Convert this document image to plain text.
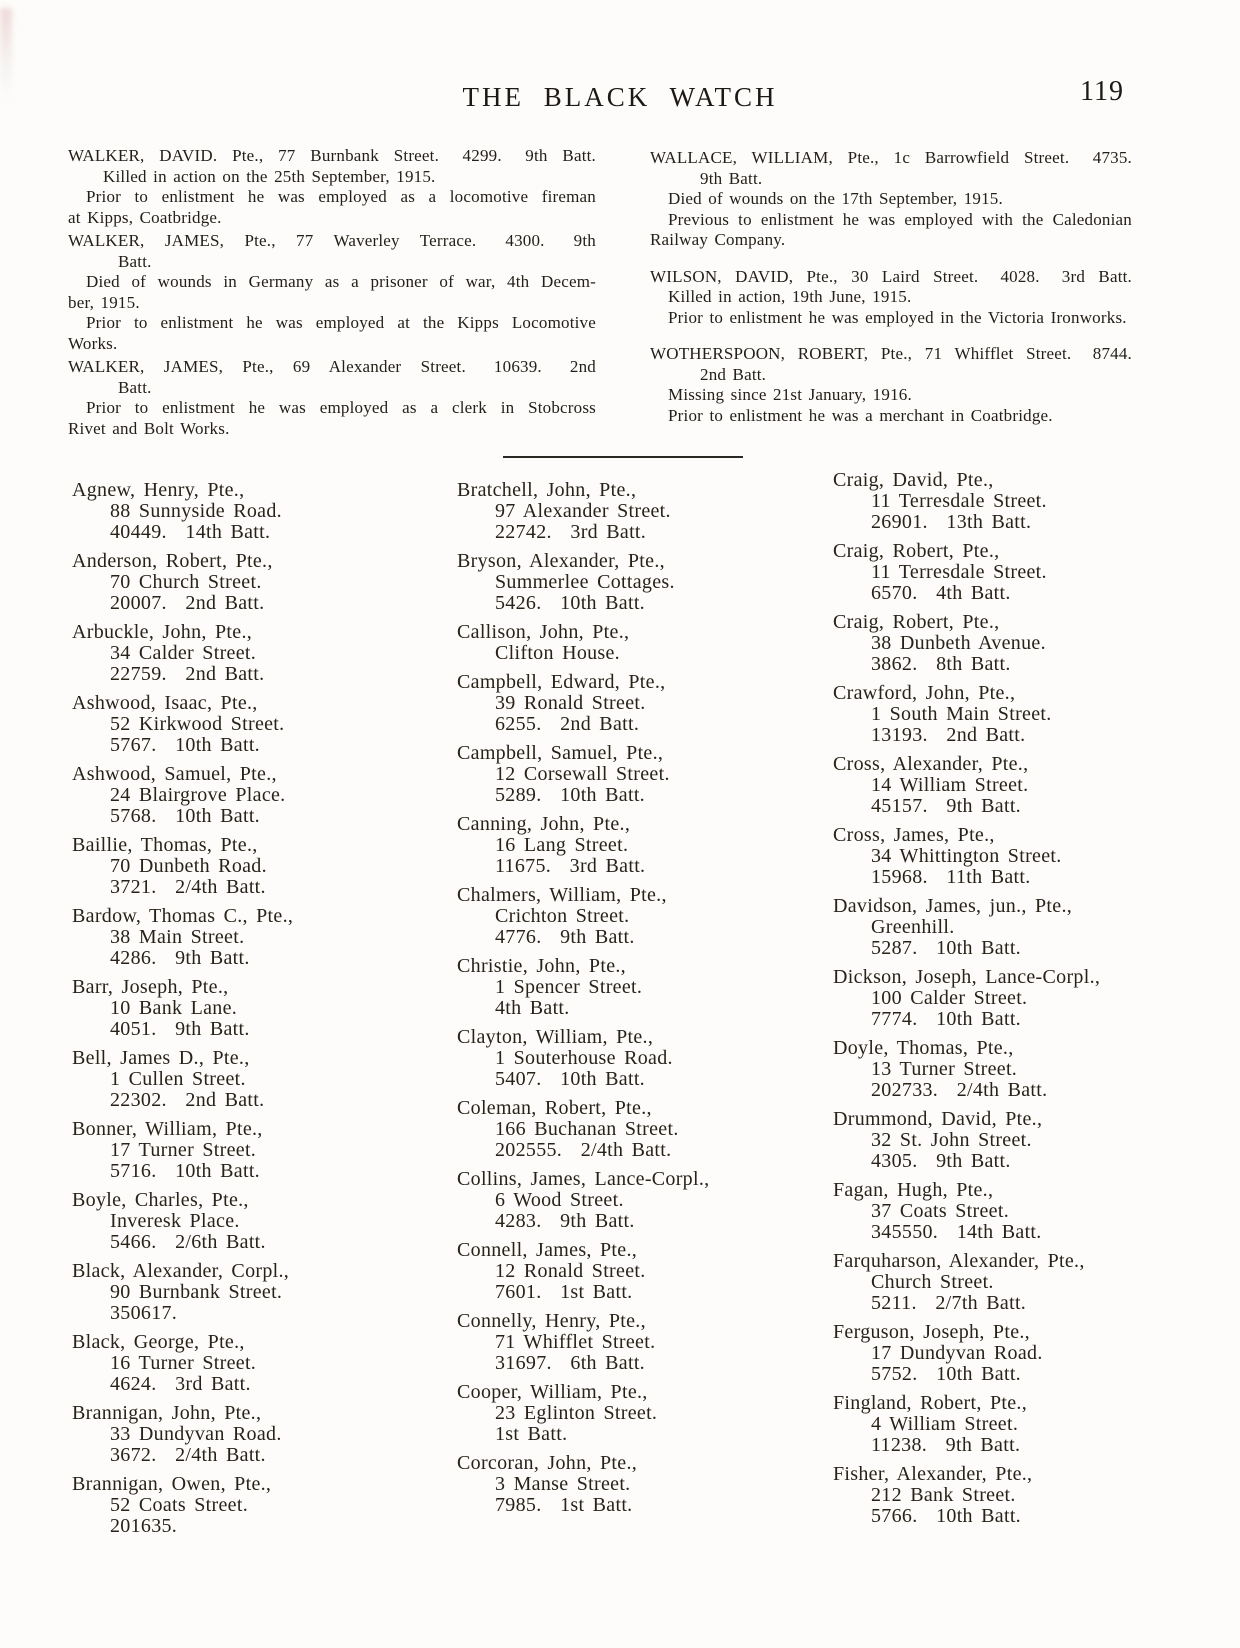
THE BLACK WATCH	119
WALKER, DAVID. Pte., 77 Burnbank Street.  4299.  9th Batt.
Killed in action on the 25th September, 1915.
Prior to enlistment he was employed as a locomotive fireman
at Kipps, Coatbridge.
WALKER, JAMES, Pte., 77 Waverley Terrace.  4300.  9th
Batt.
Died of wounds in Germany as a prisoner of war, 4th Decem-
ber, 1915.
Prior to enlistment he was employed at the Kipps Locomotive
Works.
WALKER, JAMES, Pte., 69 Alexander Street.  10639.  2nd
Batt.
Prior to enlistment he was employed as a clerk in Stobcross
Rivet and Bolt Works.
WALLACE, WILLIAM, Pte., 1c Barrowfield Street.  4735.
9th Batt.
Died of wounds on the 17th September, 1915.
Previous to enlistment he was employed with the Caledonian
Railway Company.
WILSON, DAVID, Pte., 30 Laird Street.  4028.  3rd Batt.
Killed in action, 19th June, 1915.
Prior to enlistment he was employed in the Victoria Ironworks.
WOTHERSPOON, ROBERT, Pte., 71 Whifflet Street.  8744.
2nd Batt.
Missing since 21st January, 1916.
Prior to enlistment he was a merchant in Coatbridge.
Agnew, Henry, Pte.,
88 Sunnyside Road.
40449.  14th Batt.
Anderson, Robert, Pte.,
70 Church Street.
20007.  2nd Batt.
Arbuckle, John, Pte.,
34 Calder Street.
22759.  2nd Batt.
Ashwood, Isaac, Pte.,
52 Kirkwood Street.
5767.  10th Batt.
Ashwood, Samuel, Pte.,
24 Blairgrove Place.
5768.  10th Batt.
Baillie, Thomas, Pte.,
70 Dunbeth Road.
3721.  2/4th Batt.
Bardow, Thomas C., Pte.,
38 Main Street.
4286.  9th Batt.
Barr, Joseph, Pte.,
10 Bank Lane.
4051.  9th Batt.
Bell, James D., Pte.,
1 Cullen Street.
22302.  2nd Batt.
Bonner, William, Pte.,
17 Turner Street.
5716.  10th Batt.
Boyle, Charles, Pte.,
Inveresk Place.
5466.  2/6th Batt.
Black, Alexander, Corpl.,
90 Burnbank Street.
350617.
Black, George, Pte.,
16 Turner Street.
4624.  3rd Batt.
Brannigan, John, Pte.,
33 Dundyvan Road.
3672.  2/4th Batt.
Brannigan, Owen, Pte.,
52 Coats Street.
201635.
Bratchell, John, Pte.,
97 Alexander Street.
22742.  3rd Batt.
Bryson, Alexander, Pte.,
Summerlee Cottages.
5426.  10th Batt.
Callison, John, Pte.,
Clifton House.
Campbell, Edward, Pte.,
39 Ronald Street.
6255.  2nd Batt.
Campbell, Samuel, Pte.,
12 Corsewall Street.
5289.  10th Batt.
Canning, John, Pte.,
16 Lang Street.
11675.  3rd Batt.
Chalmers, William, Pte.,
Crichton Street.
4776.  9th Batt.
Christie, John, Pte.,
1 Spencer Street.
4th Batt.
Clayton, William, Pte.,
1 Souterhouse Road.
5407.  10th Batt.
Coleman, Robert, Pte.,
166 Buchanan Street.
202555.  2/4th Batt.
Collins, James, Lance-Corpl.,
6 Wood Street.
4283.  9th Batt.
Connell, James, Pte.,
12 Ronald Street.
7601.  1st Batt.
Connelly, Henry, Pte.,
71 Whifflet Street.
31697.  6th Batt.
Cooper, William, Pte.,
23 Eglinton Street.
1st Batt.
Corcoran, John, Pte.,
3 Manse Street.
7985.  1st Batt.
Craig, David, Pte.,
11 Terresdale Street.
26901.  13th Batt.
Craig, Robert, Pte.,
11 Terresdale Street.
6570.  4th Batt.
Craig, Robert, Pte.,
38 Dunbeth Avenue.
3862.  8th Batt.
Crawford, John, Pte.,
1 South Main Street.
13193.  2nd Batt.
Cross, Alexander, Pte.,
14 William Street.
45157.  9th Batt.
Cross, James, Pte.,
34 Whittington Street.
15968.  11th Batt.
Davidson, James, jun., Pte.,
Greenhill.
5287.  10th Batt.
Dickson, Joseph, Lance-Corpl.,
100 Calder Street.
7774.  10th Batt.
Doyle, Thomas, Pte.,
13 Turner Street.
202733.  2/4th Batt.
Drummond, David, Pte.,
32 St. John Street.
4305.  9th Batt.
Fagan, Hugh, Pte.,
37 Coats Street.
345550.  14th Batt.
Farquharson, Alexander, Pte.,
Church Street.
5211.  2/7th Batt.
Ferguson, Joseph, Pte.,
17 Dundyvan Road.
5752.  10th Batt.
Fingland, Robert, Pte.,
4 William Street.
11238.  9th Batt.
Fisher, Alexander, Pte.,
212 Bank Street.
5766.  10th Batt.
